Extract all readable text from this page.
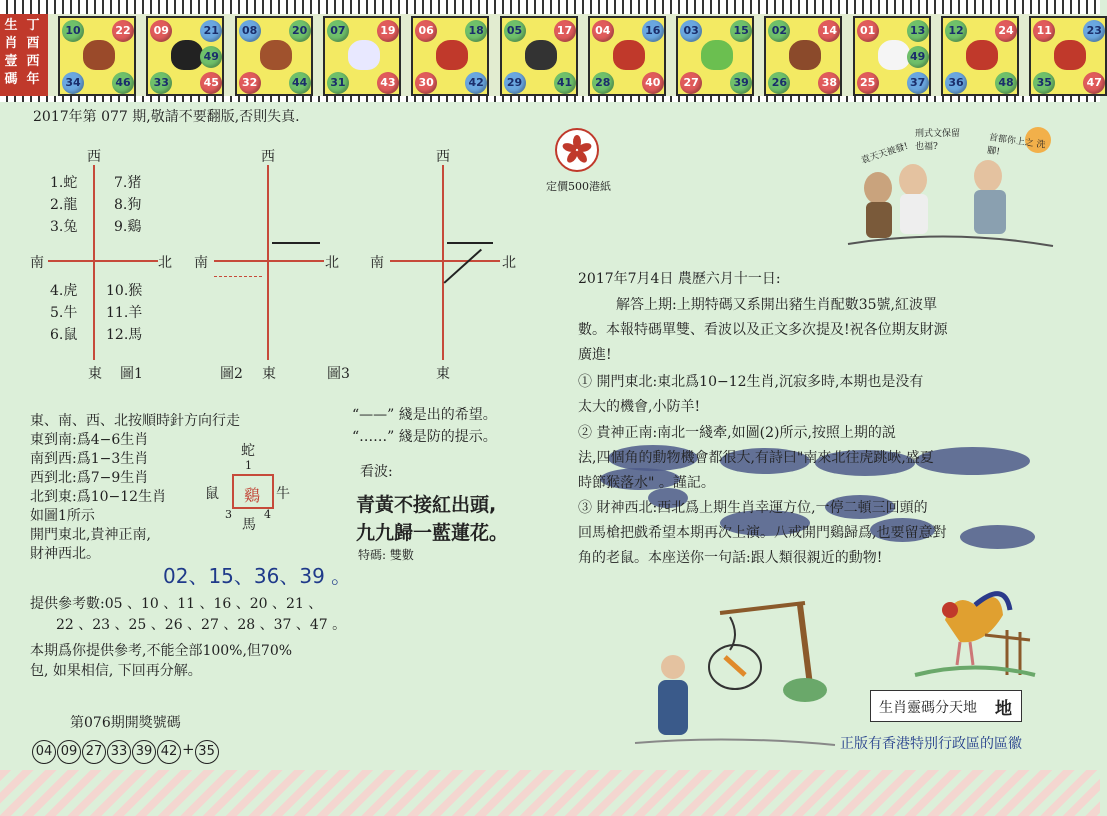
生
肖
壹
碼
丁
酉
西
年
10	22
34	46
09	21
33	45
49
08	20
32	44
07	19
31	43
06	18
30	42
05	17
29	41
04	16
28	40
03	15
27	39
02	14
26	38
01	13
25	37
49
12	24
36	48
11	23
35	47
2017年第 077 期,敬請不要翻版,否則失真.
西
南	北
東 圖1
1.蛇
2.龍
3.兔
4.虎
5.牛
6.鼠
7.猪
8.狗
9.鷄
10.猴
11.羊
12.馬
西
南	北
東
圖2
西
南	北
東
圖3
東、南、西、北按順時針方向行走
東到南:爲4−6生肖
南到西:爲1−3生肖
西到北:爲7−9生肖
北到東:爲10−12生肖
如圖1所示
開門東北,貴神正南,
財神西北。
蛇
1
鼠 鷄 牛
3	4
馬
“——” 綫是出的希望。
“……” 綫是防的提示。
看波:
青黃不接紅出頭,
九九歸一藍蓮花。
特碼: 雙數
02、15、36、39 。
提供參考數:05 、10 、11 、16 、20 、21 、
22 、23 、25 、26 、27 、28 、37 、47 。
本期爲你提供參考,不能全部100%,但70%
包, 如果相信, 下回再分解。
第076期開獎號碼
04 09 27 33 39 42 + 35
定價500港紙
袁天天被發!
刑式文保留 也福?	首都你上之 洗腳!
2017年7月4日 農歷六月十一日:
解答上期:上期特碼又系開出豬生肖配數35號,紅波單
數。本報特碼單雙、看波以及正文多次提及!祝各位期友財源
廣進!
① 開門東北:東北爲10−12生肖,沉寂多時,本期也是没有
太大的機會,小防羊!
② 貴神正南:南北一綫牽,如圖(2)所示,按照上期的説
法,四個角的動物機會都很大,有詩曰"南來北往虎跳峽,盛夏
時節猴落水" 。謹記。
③ 財神西北:西北爲上期生肖幸運方位,一停二頓三回頭的
回馬槍把戲希望本期再次上演。八戒開門鷄歸爲,也要留意對
角的老鼠。本座送你一句話:跟人類很親近的動物!
生肖靈碼分天地 地
正版有香港特別行政區的區徽
